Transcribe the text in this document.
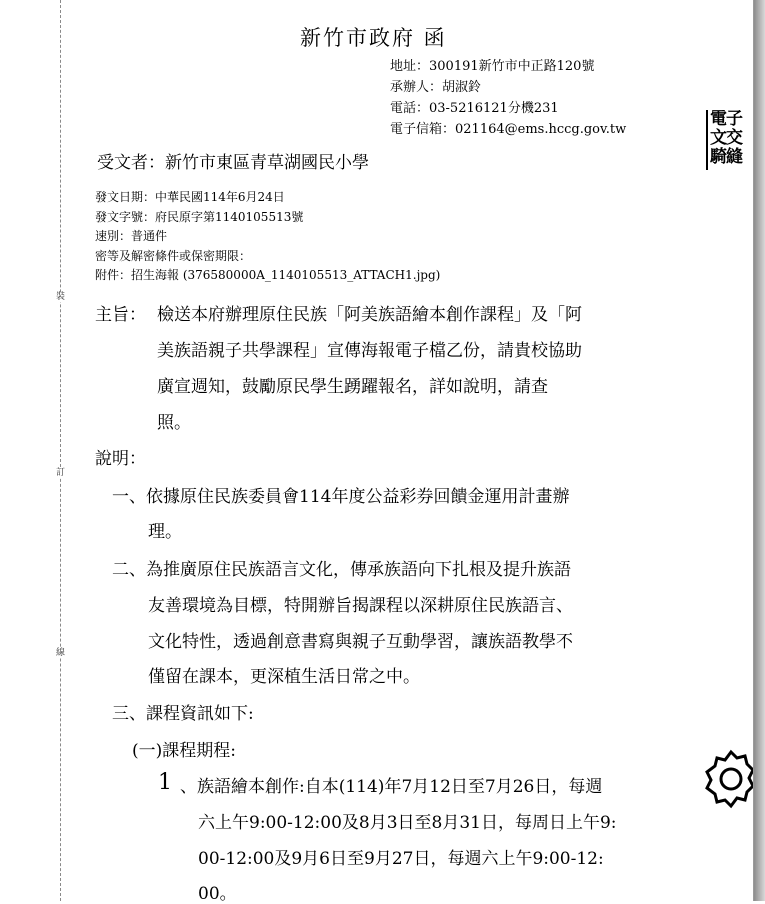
裝
訂
線
新竹市政府 函
地址：300191新竹市中正路120號
承辦人：胡淑鈴
電話：03-5216121分機231
電子信箱：021164@ems.hccg.gov.tw
電子
文交
騎縫
受文者：新竹市東區青草湖國民小學
發文日期：中華民國114年6月24日
發文字號：府民原字第1140105513號
速別：普通件
密等及解密條件或保密期限：
附件：招生海報 (376580000A_1140105513_ATTACH1.jpg)
主旨： 檢送本府辦理原住民族「阿美族語繪本創作課程」及「阿
美族語親子共學課程」宣傳海報電子檔乙份，請貴校協助
廣宣週知，鼓勵原民學生踴躍報名，詳如說明，請查
照。
說明：
一、依據原住民族委員會114年度公益彩券回饋金運用計畫辦
理。
二、為推廣原住民族語言文化，傳承族語向下扎根及提升族語
友善環境為目標，特開辦旨揭課程以深耕原住民族語言、
文化特性，透過創意書寫與親子互動學習，讓族語教學不
僅留在課本，更深植生活日常之中。
三、課程資訊如下:
(一)課程期程:
1 、族語繪本創作:自本(114)年7月12日至7月26日，每週
六上午9:00-12:00及8月3日至8月31日，每周日上午9:
00-12:00及9月6日至9月27日，每週六上午9:00-12:
00。
